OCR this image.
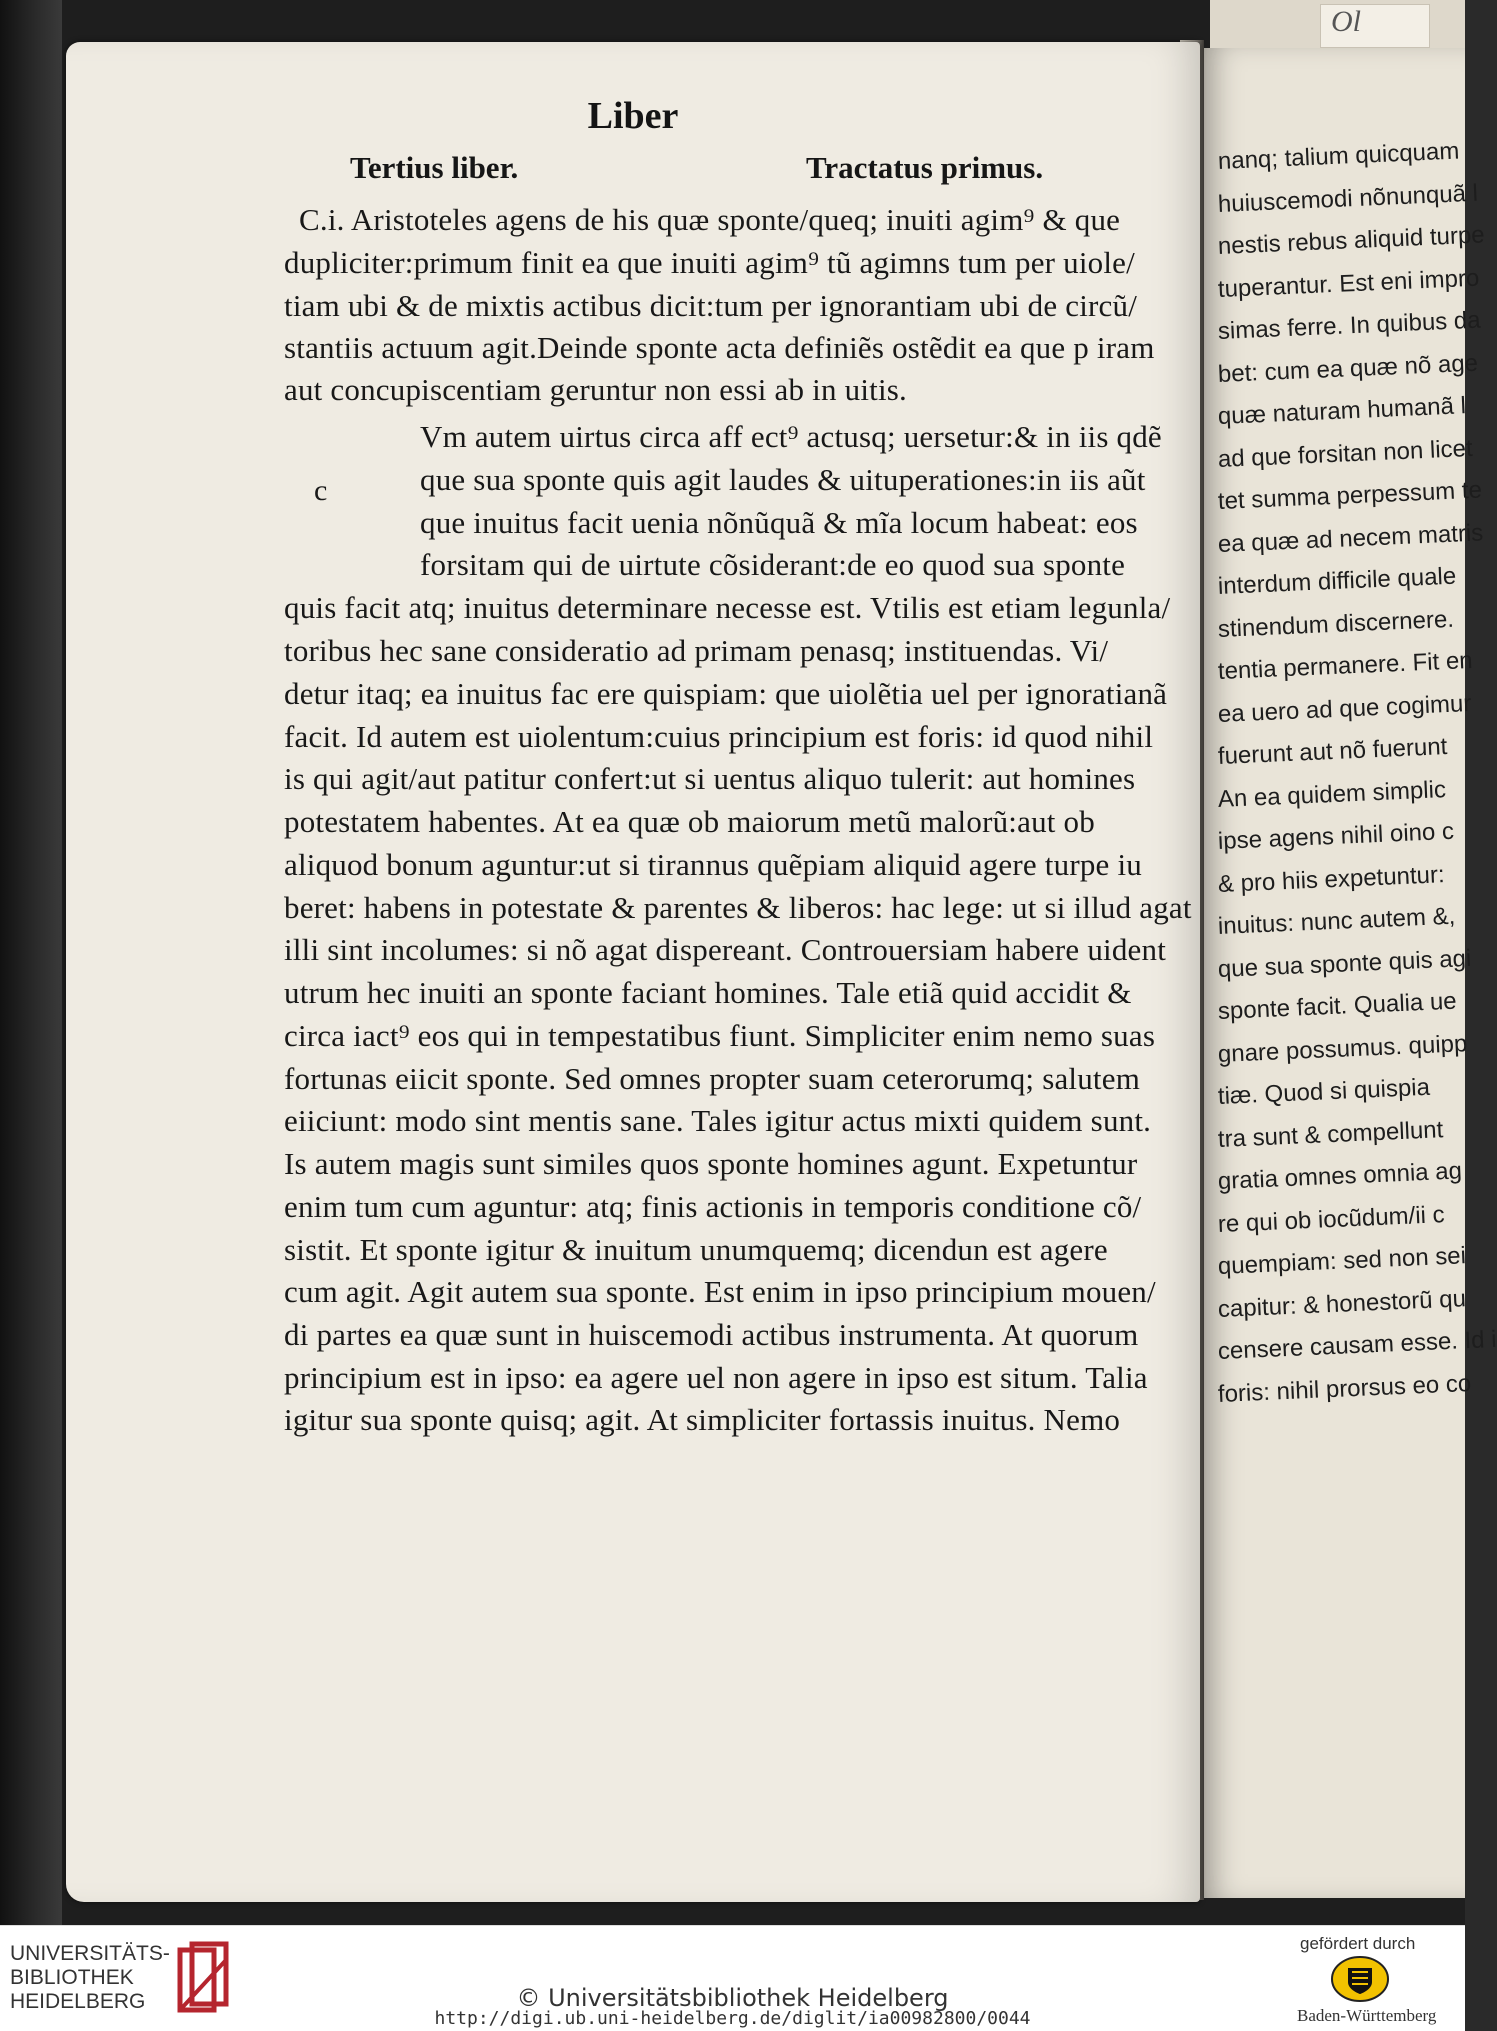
Ol
nanq; talium quicquam
huiuscemodi nõnunquã l
nestis rebus aliquid turpe
tuperantur. Est eni impro
simas ferre. In quibus da
bet: cum ea quæ nõ age
quæ naturam humanã l
ad que forsitan non licet
tet summa perpessum te
ea quæ ad necem matris
interdum difficile quale
stinendum discernere.
tentia permanere. Fit en
ea uero ad que cogimur
fuerunt aut nõ fuerunt
An ea quidem simplic
ipse agens nihil oino c
& pro hiis expetuntur:
inuitus: nunc autem &,
que sua sponte quis agi
sponte facit. Qualia ue
gnare possumus. quipp
tiæ. Quod si quispia
tra sunt & compellunt
gratia omnes omnia ag
re qui ob iocũdum/ii c
quempiam: sed non sei
capitur: & honestorũ qu
censere causam esse. Id i
foris: nihil prorsus eo co
Liber
Tertius liber.	Tractatus primus.
c
C.i. Aristoteles agens de his quæ sponte/queq; inuiti agim⁹ & que
dupliciter:primum finit ea que inuiti agim⁹ tũ agimns tum per uiole/
tiam ubi & de mixtis actibus dicit:tum per ignorantiam ubi de circũ/
stantiis actuum agit.Deinde sponte acta definiẽs ostẽdit ea que p iram
aut concupiscentiam geruntur non essi ab in uitis.
Vm autem uirtus circa aff ect⁹ actusq; uersetur:& in iis qdẽ
que sua sponte quis agit laudes & uituperationes:in iis aũt
que inuitus facit uenia nõnũquã & mĩa locum habeat: eos
forsitam qui de uirtute cõsiderant:de eo quod sua sponte
quis facit atq; inuitus determinare necesse est. Vtilis est etiam legunla/
toribus hec sane consideratio ad primam penasq; instituendas. Vi/
detur itaq; ea inuitus fac ere quispiam: que uiolẽtia uel per ignoratianã
facit. Id autem est uiolentum:cuius principium est foris: id quod nihil
is qui agit/aut patitur confert:ut si uentus aliquo tulerit: aut homines
potestatem habentes. At ea quæ ob maiorum metũ malorũ:aut ob
aliquod bonum aguntur:ut si tirannus quẽpiam aliquid agere turpe iu
beret: habens in potestate & parentes & liberos: hac lege: ut si illud agat
illi sint incolumes: si nõ agat dispereant. Controuersiam habere uident
utrum hec inuiti an sponte faciant homines. Tale etiã quid accidit &
circa iact⁹ eos qui in tempestatibus fiunt. Simpliciter enim nemo suas
fortunas eiicit sponte. Sed omnes propter suam ceterorumq; salutem
eiiciunt: modo sint mentis sane. Tales igitur actus mixti quidem sunt.
Is autem magis sunt similes quos sponte homines agunt. Expetuntur
enim tum cum aguntur: atq; finis actionis in temporis conditione cõ/
sistit. Et sponte igitur & inuitum unumquemq; dicendun est agere
cum agit. Agit autem sua sponte. Est enim in ipso principium mouen/
di partes ea quæ sunt in huiscemodi actibus instrumenta. At quorum
principium est in ipso: ea agere uel non agere in ipso est situm. Talia
igitur sua sponte quisq; agit. At simpliciter fortassis inuitus. Nemo
UNIVERSITÄTS-
BIBLIOTHEK
HEIDELBERG	© Universitätsbibliothek Heidelberg
http://digi.ub.uni-heidelberg.de/diglit/ia00982800/0044
gefördert durch
Baden-Württemberg
